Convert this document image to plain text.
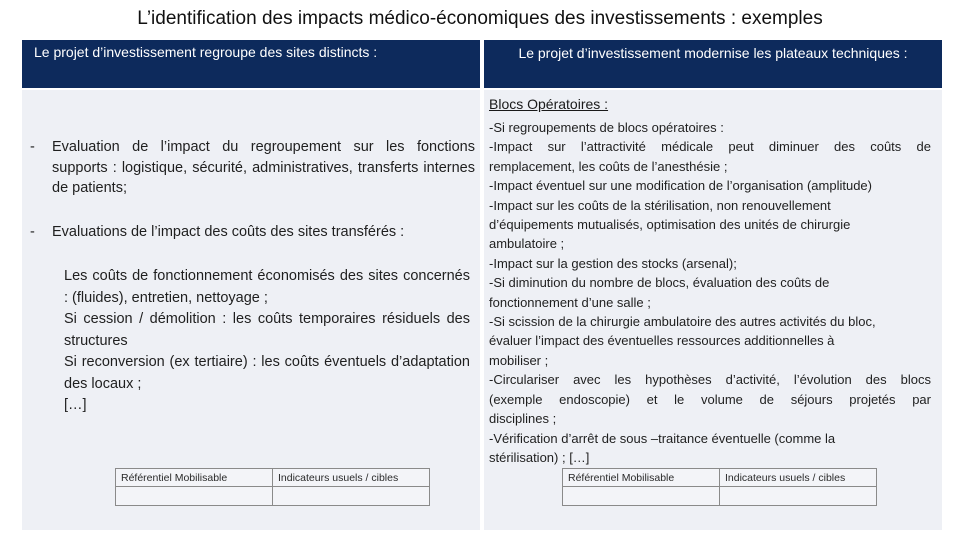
L’identification des impacts médico-économiques des investissements : exemples
Le projet d’investissement regroupe des sites distincts :	Le projet d’investissement modernise les plateaux techniques :
- Evaluation de l’impact du regroupement sur les fonctions supports : logistique, sécurité, administratives, transferts internes de patients;
- Evaluations de l’impact des coûts des sites transférés :
Les coûts de fonctionnement économisés des sites concernés : (fluides), entretien, nettoyage ;
Si cession / démolition : les coûts temporaires résiduels des structures
Si reconversion (ex tertiaire) : les coûts éventuels d’adaptation des locaux ;
[…]
Référentiel Mobilisable	Indicateurs usuels / cibles

Blocs Opératoires :
-Si regroupements de blocs opératoires :
-Impact sur l’attractivité médicale peut diminuer des coûts de
remplacement, les coûts de l’anesthésie ;
-Impact éventuel sur une modification de l’organisation (amplitude)
-Impact sur les coûts de la stérilisation, non renouvellement
d’équipements mutualisés, optimisation des unités de chirurgie
ambulatoire ;
-Impact sur la gestion des stocks (arsenal);
-Si diminution du nombre de blocs, évaluation des coûts de
fonctionnement d’une salle ;
-Si scission de la chirurgie ambulatoire des autres activités du bloc,
évaluer l’impact des éventuelles ressources additionnelles à
mobiliser ;
-Circulariser avec les hypothèses d’activité, l’évolution des blocs
(exemple endoscopie) et le volume de séjours projetés par
disciplines ;
-Vérification d’arrêt de sous –traitance éventuelle (comme la
stérilisation) ; […]
Référentiel Mobilisable	Indicateurs usuels / cibles
